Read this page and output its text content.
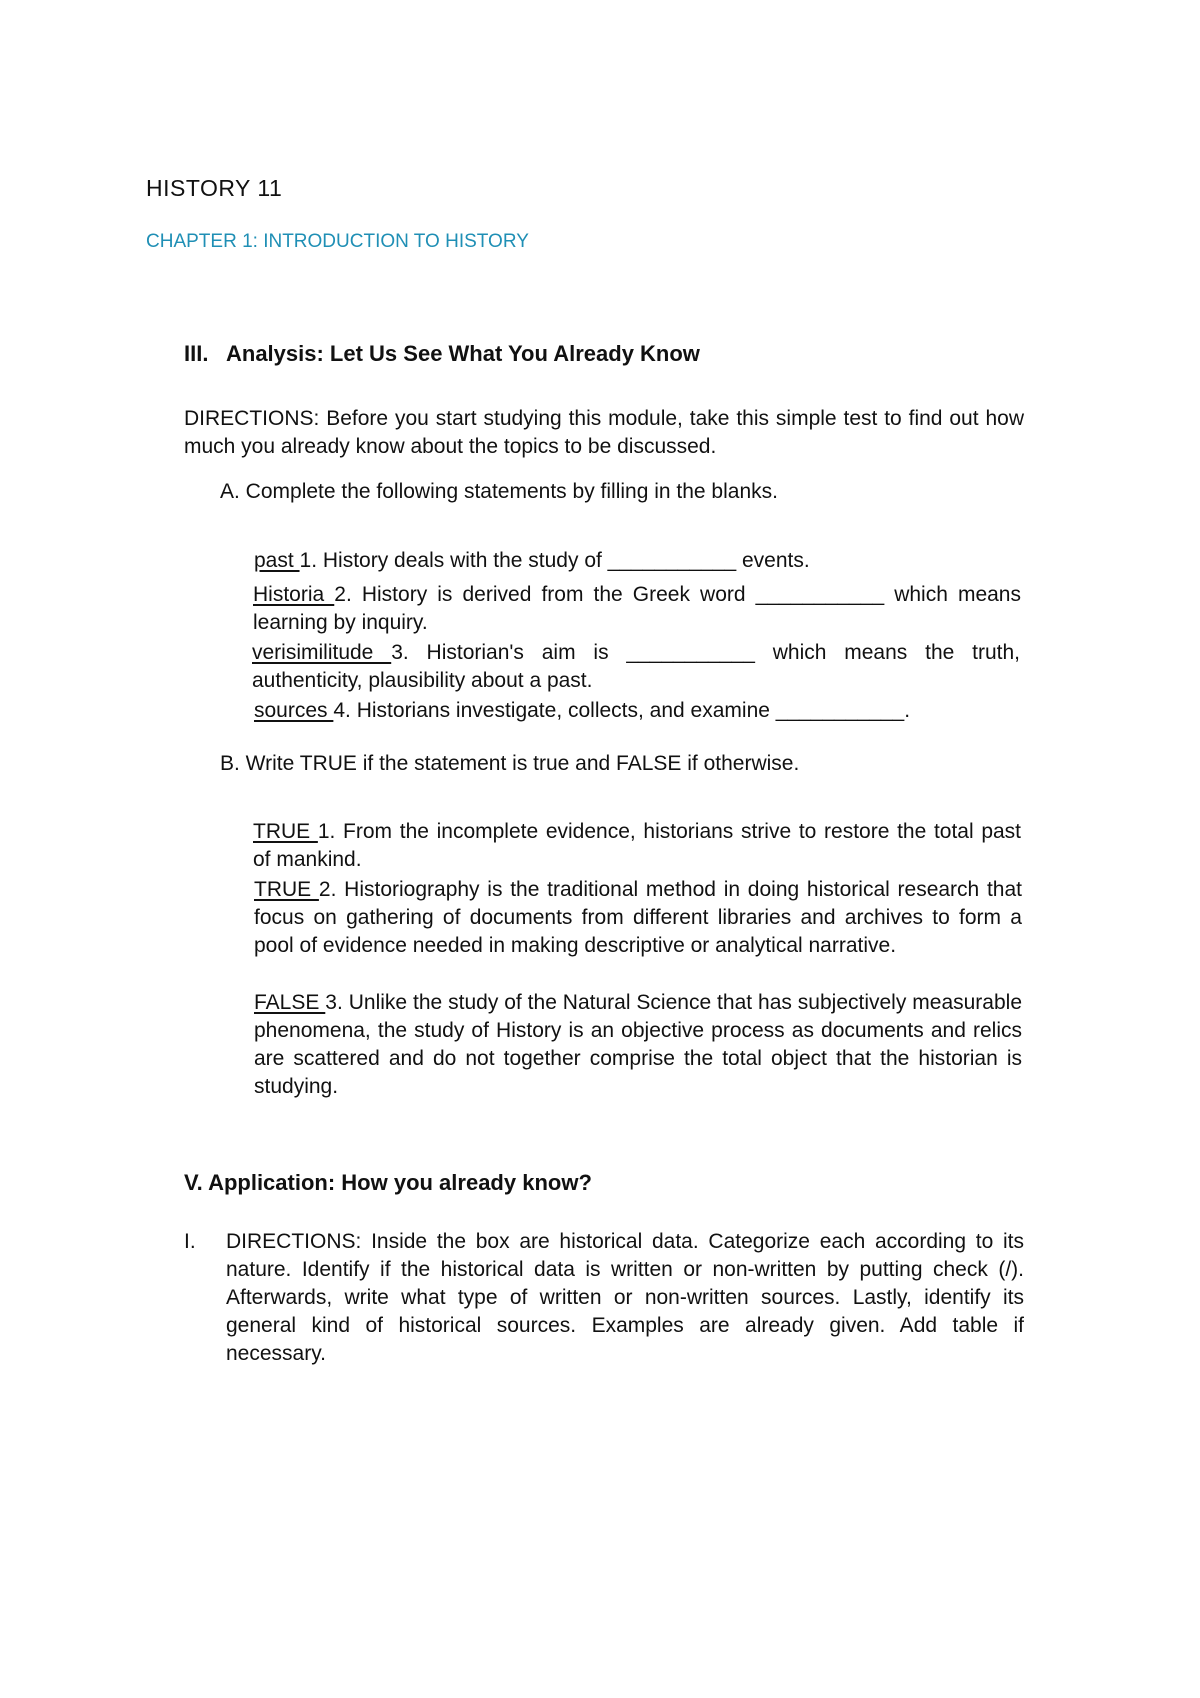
HISTORY 11
CHAPTER 1: INTRODUCTION TO HISTORY
III. Analysis: Let Us See What You Already Know

DIRECTIONS: Before you start studying this module, take this simple test to find out how much you already know about the topics to be discussed.

A. Complete the following statements by filling in the blanks.

past 1. History deals with the study of ___________ events.

Historia 2. History is derived from the Greek word ___________ which means learning by inquiry.

verisimilitude 3. Historian's aim is ___________ which means the truth, authenticity, plausibility about a past.

sources 4. Historians investigate, collects, and examine ___________.

B. Write TRUE if the statement is true and FALSE if otherwise.

TRUE 1. From the incomplete evidence, historians strive to restore the total past of mankind.

TRUE 2. Historiography is the traditional method in doing historical research that focus on gathering of documents from different libraries and archives to form a pool of evidence needed in making descriptive or analytical narrative.

FALSE 3. Unlike the study of the Natural Science that has subjectively measurable phenomena, the study of History is an objective process as documents and relics are scattered and do not together comprise the total object that the historian is studying.

V. Application: How you already know?
I. DIRECTIONS: Inside the box are historical data. Categorize each according to its nature. Identify if the historical data is written or non-written by putting check (/). Afterwards, write what type of written or non-written sources. Lastly, identify its general kind of historical sources. Examples are already given. Add table if necessary.
